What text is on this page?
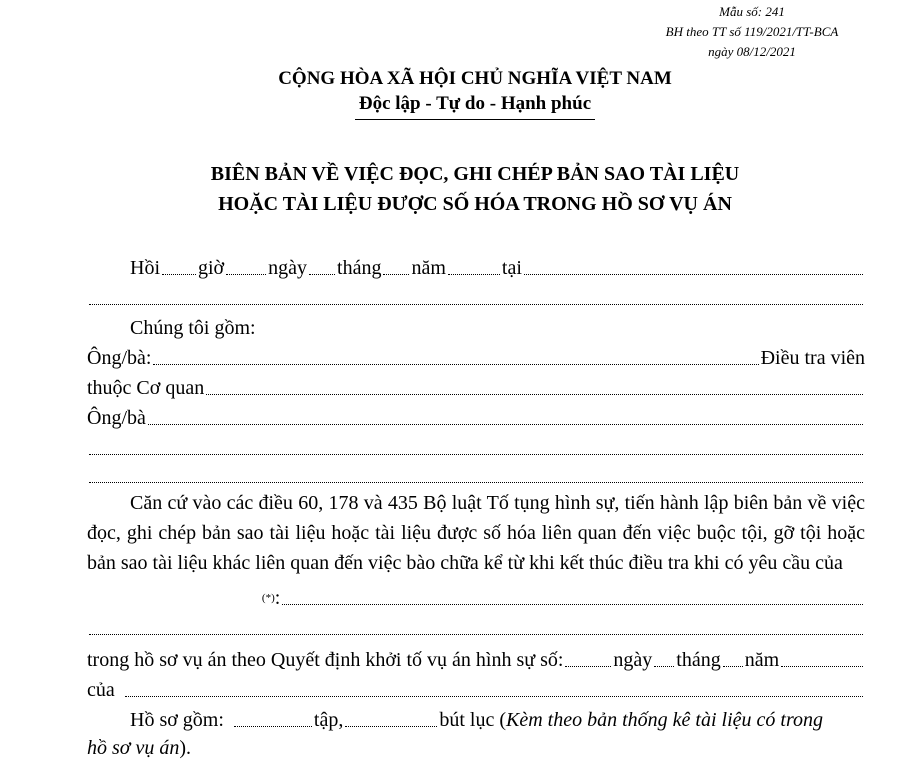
Mẫu số: 241
BH theo TT số 119/2021/TT-BCA
ngày 08/12/2021
CỘNG HÒA XÃ HỘI CHỦ NGHĨA VIỆT NAM
Độc lập - Tự do - Hạnh phúc
BIÊN BẢN VỀ VIỆC ĐỌC, GHI CHÉP BẢN SAO TÀI LIỆU
HOẶC TÀI LIỆU ĐƯỢC SỐ HÓA TRONG HỒ SƠ VỤ ÁN
Hồi giờ ngày tháng năm	tại
Chúng tôi gồm:
Ông/bà:	Điều tra viên
thuộc Cơ quan
Ông/bà
Căn cứ vào các điều 60, 178 và 435 Bộ luật Tố tụng hình sự, tiến hành lập biên bản về việc đọc, ghi chép bản sao tài liệu hoặc tài liệu được số hóa liên quan đến việc buộc tội, gỡ tội hoặc bản sao tài liệu khác liên quan đến việc bào chữa kể từ khi kết thúc điều tra khi có yêu cầu của
(*) :
trong hồ sơ vụ án theo Quyết định khởi tố vụ án hình sự số:	ngày tháng năm
của
Hồ sơ gồm:	tập,	bút lục ( Kèm theo bản thống kê tài liệu có trong
hồ sơ vụ án ).
